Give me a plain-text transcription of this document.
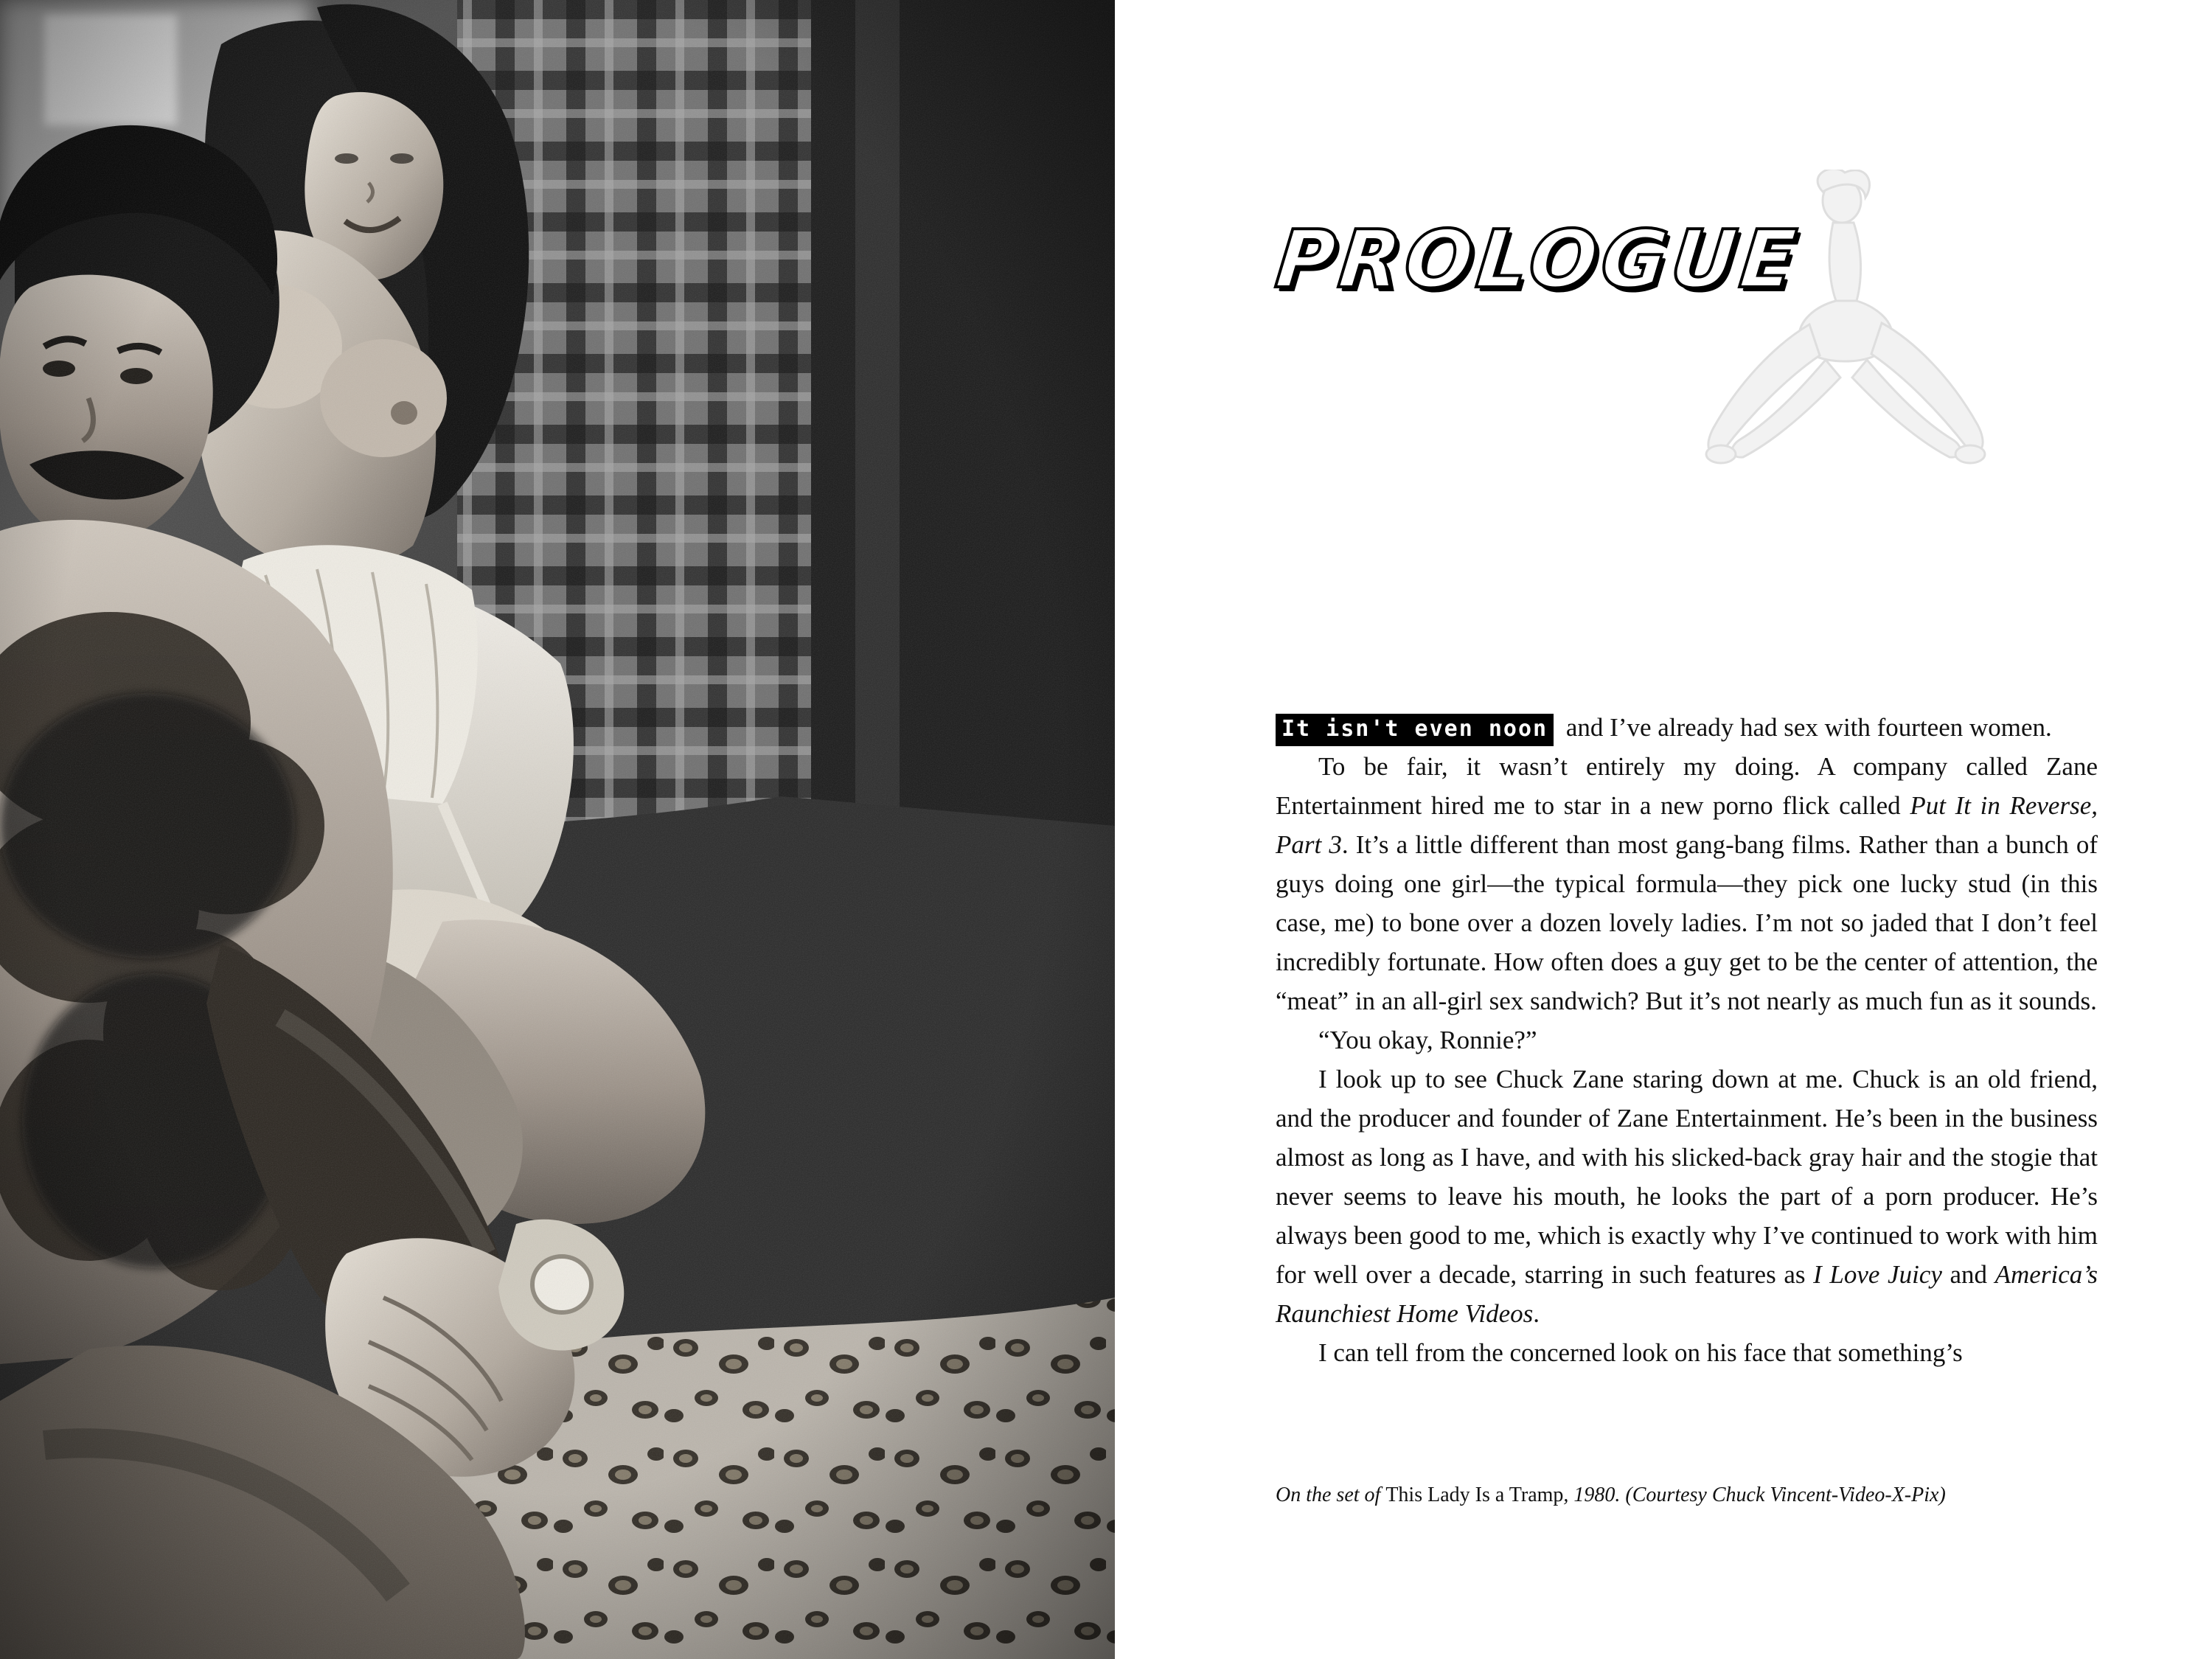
PROLOGUE

It isn't even noon and I’ve already had sex with fourteen women.

To be fair, it wasn’t entirely my doing. A company called Zane Entertainment hired me to star in a new porno flick called Put It in Reverse, Part 3. It’s a little different than most gang-bang films. Rather than a bunch of guys doing one girl—the typical formula—they pick one lucky stud (in this case, me) to bone over a dozen lovely ladies. I’m not so jaded that I don’t feel incredibly fortunate. How often does a guy get to be the center of attention, the “meat” in an all-girl sex sandwich? But it’s not nearly as much fun as it sounds.

“You okay, Ronnie?”

I look up to see Chuck Zane staring down at me. Chuck is an old friend, and the producer and founder of Zane Entertainment. He’s been in the business almost as long as I have, and with his slicked-back gray hair and the stogie that never seems to leave his mouth, he looks the part of a porn producer. He’s always been good to me, which is exactly why I’ve continued to work with him for well over a decade, starring in such features as I Love Juicy and America’s Raunchiest Home Videos.

I can tell from the concerned look on his face that something’s

On the set of This Lady Is a Tramp, 1980. (Courtesy Chuck Vincent-Video-X-Pix)
